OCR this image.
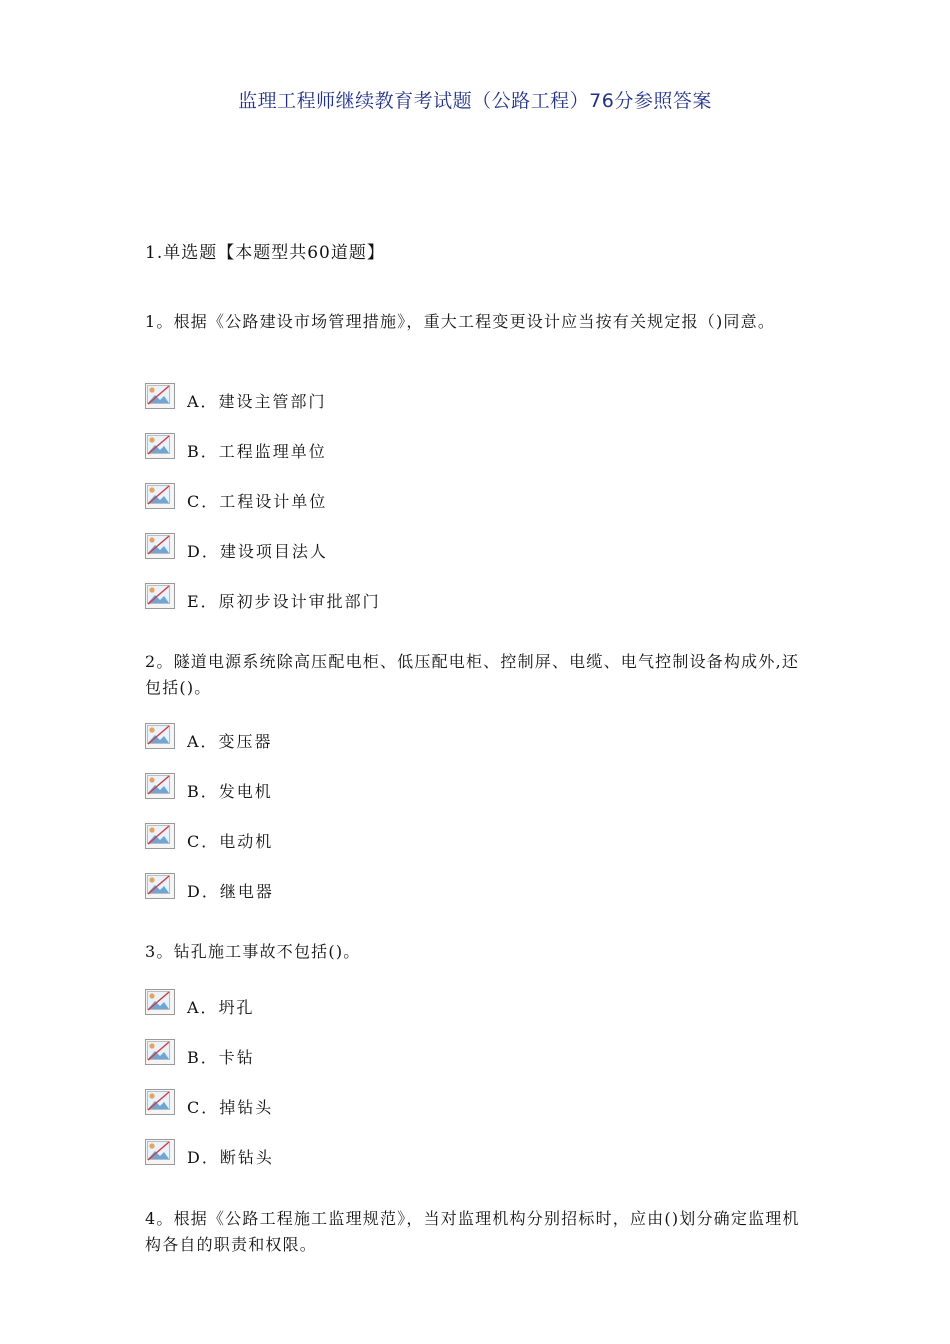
监理工程师继续教育考试题（公路工程）76分参照答案
1.单选题【本题型共60道题】
1。根据《公路建设市场管理措施》，重大工程变更设计应当按有关规定报（)同意。
A．建设主管部门
B．工程监理单位
C．工程设计单位
D．建设项目法人
E．原初步设计审批部门
2。隧道电源系统除高压配电柜、低压配电柜、控制屏、电缆、电气控制设备构成外,还包括()。
A．变压器
B．发电机
C．电动机
D．继电器
3。钻孔施工事故不包括()。
A．坍孔
B．卡钻
C．掉钻头
D．断钻头
4。根据《公路工程施工监理规范》，当对监理机构分别招标时，应由()划分确定监理机构各自的职责和权限。
